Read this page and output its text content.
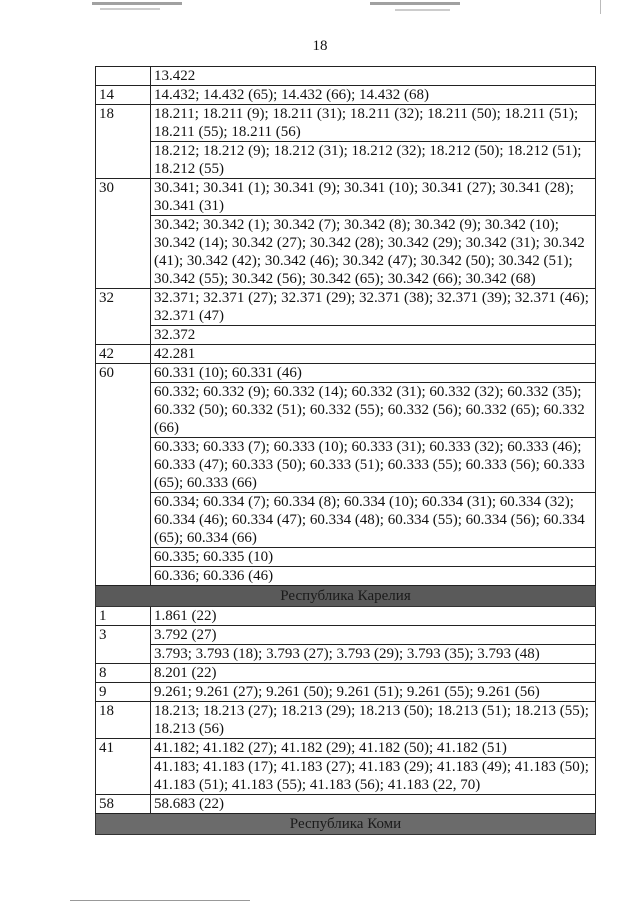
18
	13.422
14	14.432; 14.432 (65); 14.432 (66); 14.432 (68)
18	18.211; 18.211 (9); 18.211 (31); 18.211 (32); 18.211 (50); 18.211 (51); 18.211 (55); 18.211 (56)
	18.212; 18.212 (9); 18.212 (31); 18.212 (32); 18.212 (50); 18.212 (51); 18.212 (55)
30	30.341; 30.341 (1); 30.341 (9); 30.341 (10); 30.341 (27); 30.341 (28); 30.341 (31)
	30.342; 30.342 (1); 30.342 (7); 30.342 (8); 30.342 (9); 30.342 (10); 30.342 (14); 30.342 (27); 30.342 (28); 30.342 (29); 30.342 (31); 30.342 (41); 30.342 (42); 30.342 (46); 30.342 (47); 30.342 (50); 30.342 (51); 30.342 (55); 30.342 (56); 30.342 (65); 30.342 (66); 30.342 (68)
32	32.371; 32.371 (27); 32.371 (29); 32.371 (38); 32.371 (39); 32.371 (46); 32.371 (47)
	32.372
42	42.281
60	60.331 (10); 60.331 (46)
	60.332; 60.332 (9); 60.332 (14); 60.332 (31); 60.332 (32); 60.332 (35); 60.332 (50); 60.332 (51); 60.332 (55); 60.332 (56); 60.332 (65); 60.332 (66)
	60.333; 60.333 (7); 60.333 (10); 60.333 (31); 60.333 (32); 60.333 (46); 60.333 (47); 60.333 (50); 60.333 (51); 60.333 (55); 60.333 (56); 60.333 (65); 60.333 (66)
	60.334; 60.334 (7); 60.334 (8); 60.334 (10); 60.334 (31); 60.334 (32); 60.334 (46); 60.334 (47); 60.334 (48); 60.334 (55); 60.334 (56); 60.334 (65); 60.334 (66)
	60.335; 60.335 (10)
	60.336; 60.336 (46)
Республика Карелия	
1	1.861 (22)
3	3.792 (27)
	3.793; 3.793 (18); 3.793 (27); 3.793 (29); 3.793 (35); 3.793 (48)
8	8.201 (22)
9	9.261; 9.261 (27); 9.261 (50); 9.261 (51); 9.261 (55); 9.261 (56)
18	18.213; 18.213 (27); 18.213 (29); 18.213 (50); 18.213 (51); 18.213 (55); 18.213 (56)
41	41.182; 41.182 (27); 41.182 (29); 41.182 (50); 41.182 (51)
	41.183; 41.183 (17); 41.183 (27); 41.183 (29); 41.183 (49); 41.183 (50); 41.183 (51); 41.183 (55); 41.183 (56); 41.183 (22, 70)
58	58.683 (22)
Республика Коми	
